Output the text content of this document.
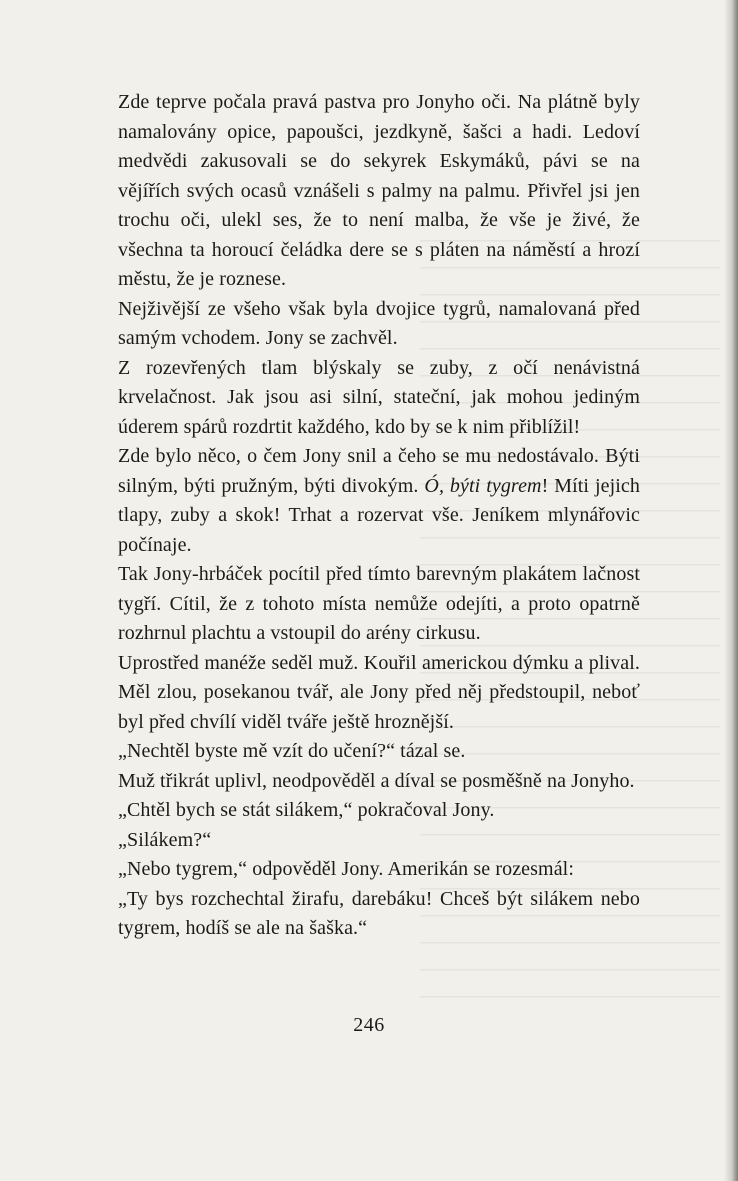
Zde teprve počala pravá pastva pro Jonyho oči. Na plátně byly namalovány opice, papoušci, jezdkyně, šašci a hadi. Ledoví medvědi zakusovali se do sekyrek Eskymáků, pávi se na vějířích svých ocasů vznášeli s palmy na palmu. Přivřel jsi jen trochu oči, ulekl ses, že to není malba, že vše je živé, že všechna ta horoucí čeládka dere se s pláten na náměstí a hrozí městu, že je roznese.

Nejživější ze všeho však byla dvojice tygrů, namalovaná před samým vchodem. Jony se zachvěl.

Z rozevřených tlam blýskaly se zuby, z očí nenávistná krvelačnost. Jak jsou asi silní, stateční, jak mohou jediným úderem spárů rozdrtit každého, kdo by se k nim přiblížil!

Zde bylo něco, o čem Jony snil a čeho se mu nedostávalo. Býti silným, býti pružným, býti divokým. Ó, býti tygrem! Míti jejich tlapy, zuby a skok! Trhat a rozervat vše. Jeníkem mlynářovic počínaje.

Tak Jony-hrbáček pocítil před tímto barevným plakátem lačnost tygří. Cítil, že z tohoto místa nemůže odejíti, a proto opatrně rozhrnul plachtu a vstoupil do arény cirkusu.

Uprostřed manéže seděl muž. Kouřil americkou dýmku a plival. Měl zlou, posekanou tvář, ale Jony před něj předstoupil, neboť byl před chvílí viděl tváře ještě hroznější.

„Nechtěl byste mě vzít do učení?“ tázal se.

Muž třikrát uplivl, neodpověděl a díval se posměšně na Jonyho.

„Chtěl bych se stát silákem,“ pokračoval Jony.

„Silákem?“

„Nebo tygrem,“ odpověděl Jony. Amerikán se rozesmál:

„Ty bys rozchechtal žirafu, darebáku! Chceš být silákem nebo tygrem, hodíš se ale na šaška.“

246
